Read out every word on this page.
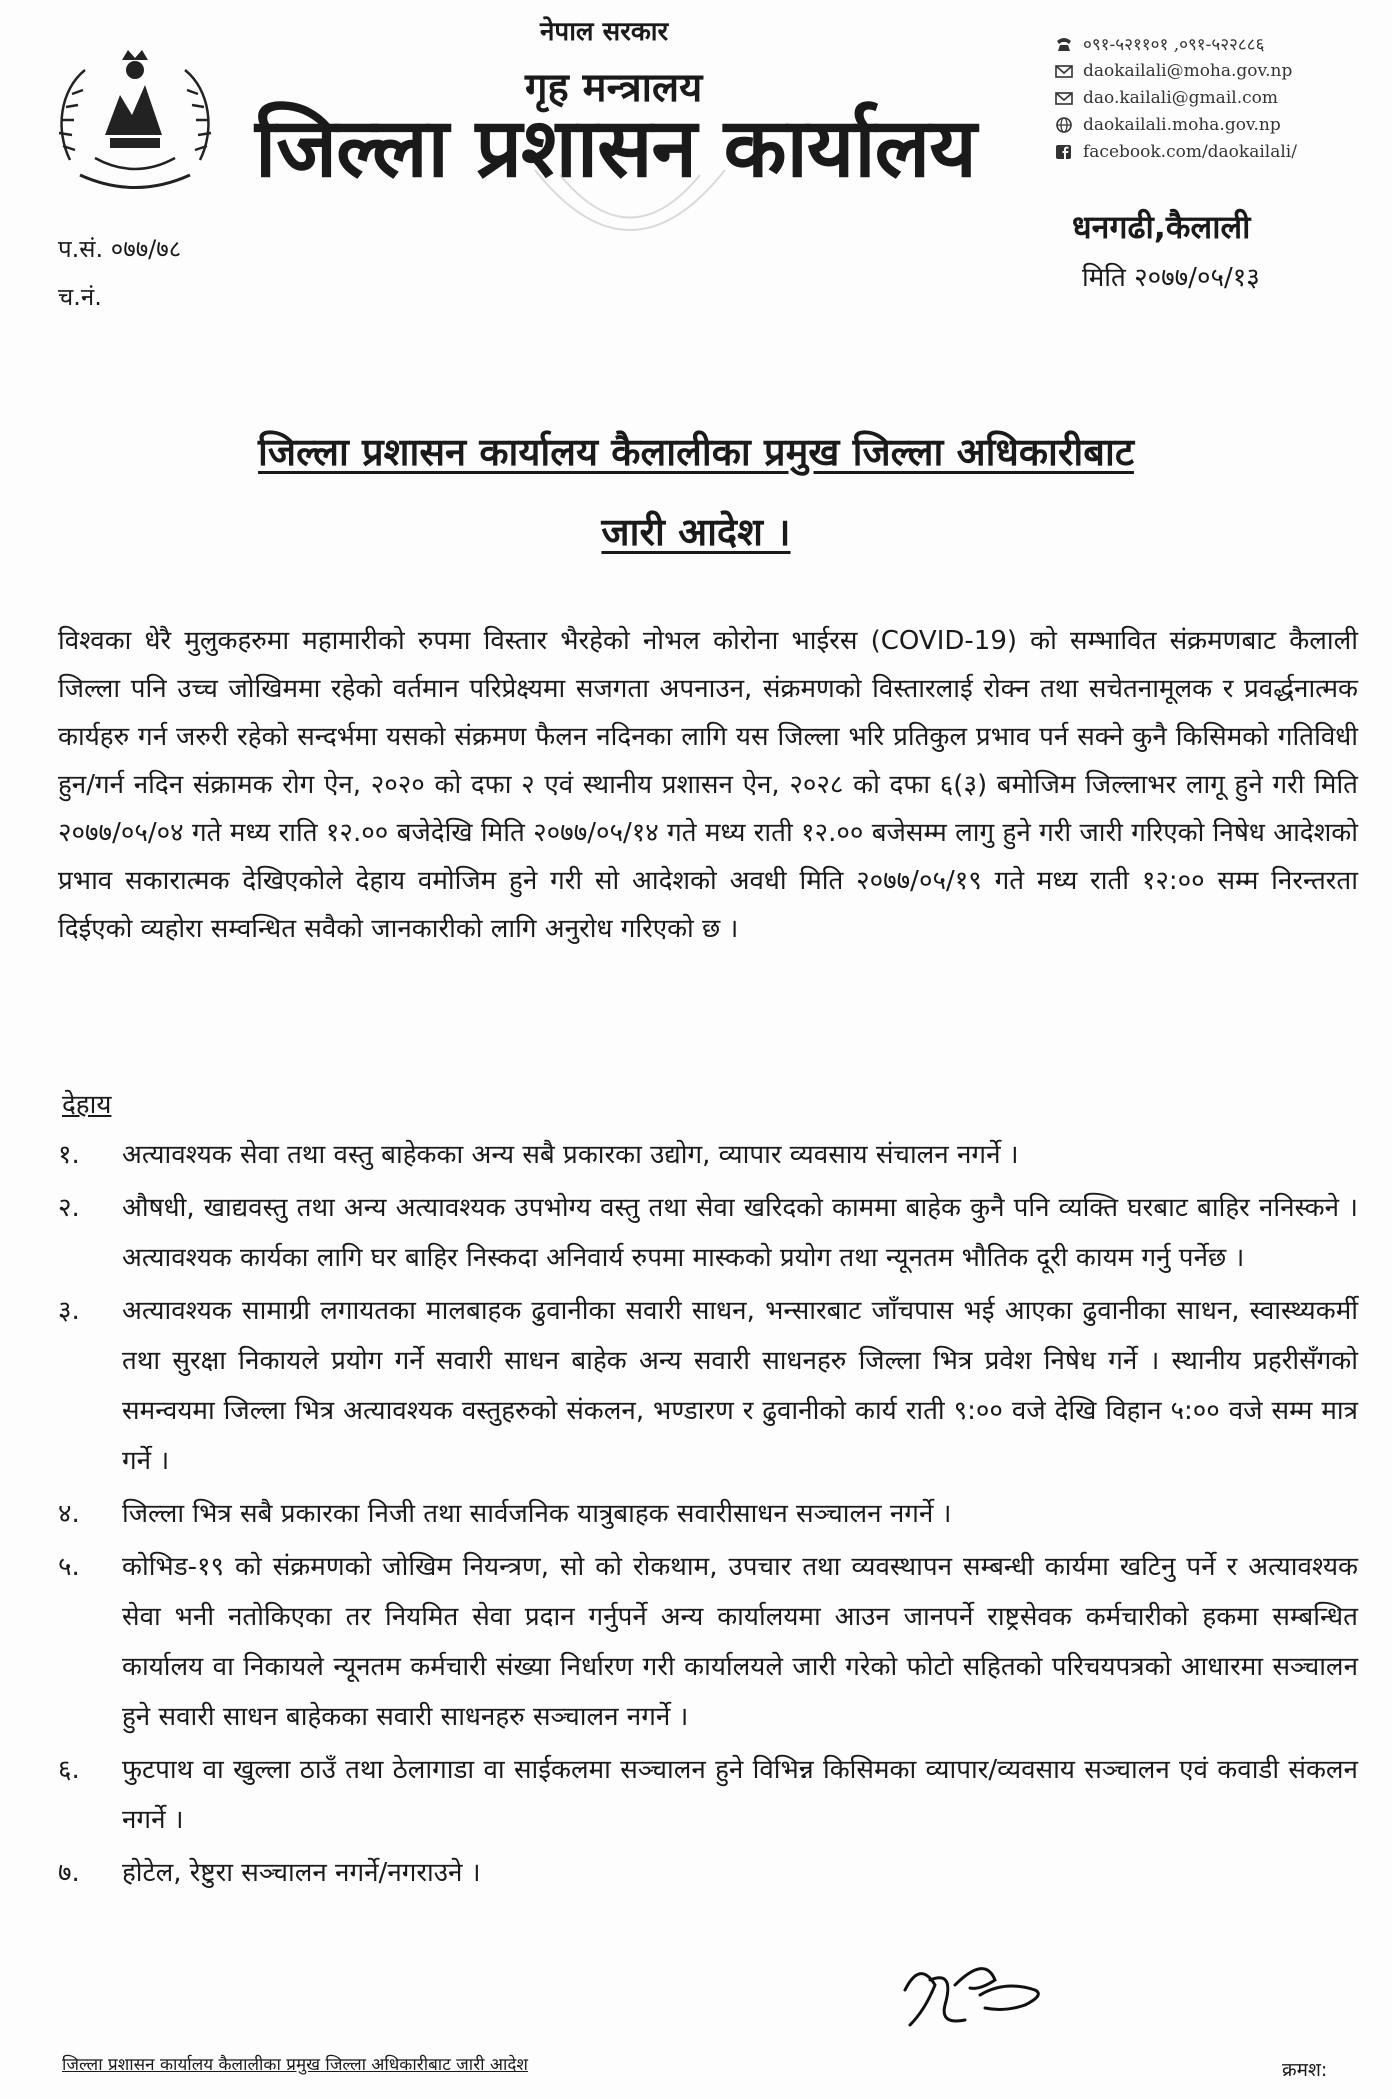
नेपाल सरकार
गृह मन्त्रालय
जिल्ला प्रशासन कार्यालय
०९१-५२११०१ ,०९१-५२२८८६
daokailali@moha.gov.np
dao.kailali@gmail.com
daokailali.moha.gov.np
facebook.com/daokailali/
प.सं. ०७७/७८
च.नं.
धनगढी,कैलाली
मिति २०७७/०५/१३
जिल्ला प्रशासन कार्यालय कैलालीका प्रमुख जिल्ला अधिकारीबाट
जारी आदेश ।
विश्वका धेरै मुलुकहरुमा महामारीको रुपमा विस्तार भैरहेको नोभल कोरोना भाईरस (COVID-19) को सम्भावित संक्रमणबाट कैलाली जिल्ला पनि उच्च जोखिममा रहेको वर्तमान परिप्रेक्ष्यमा सजगता अपनाउन, संक्रमणको विस्तारलाई रोक्न तथा सचेतनामूलक र प्रवर्द्धनात्मक कार्यहरु गर्न जरुरी रहेको सन्दर्भमा यसको संक्रमण फैलन नदिनका लागि यस जिल्ला भरि प्रतिकुल प्रभाव पर्न सक्ने कुनै किसिमको गतिविधी हुन/गर्न नदिन संक्रामक रोग ऐन, २०२० को दफा २ एवं स्थानीय प्रशासन ऐन, २०२८ को दफा ६(३) बमोजिम जिल्लाभर लागू हुने गरी मिति २०७७/०५/०४ गते मध्य राति १२.०० बजेदेखि मिति २०७७/०५/१४ गते मध्य राती १२.०० बजेसम्म लागु हुने गरी जारी गरिएको निषेध आदेशको प्रभाव सकारात्मक देखिएकोले देहाय वमोजिम हुने गरी सो आदेशको अवधी मिति २०७७/०५/१९ गते मध्य राती १२:०० सम्म निरन्तरता दिईएको व्यहोरा सम्वन्धित सवैको जानकारीको लागि अनुरोध गरिएको छ ।
देहाय
१.	अत्यावश्यक सेवा तथा वस्तु बाहेकका अन्य सबै प्रकारका उद्योग, व्यापार व्यवसाय संचालन नगर्ने ।
२.	औषधी, खाद्यवस्तु तथा अन्य अत्यावश्यक उपभोग्य वस्तु तथा सेवा खरिदको काममा बाहेक कुनै पनि व्यक्ति घरबाट बाहिर ननिस्कने । अत्यावश्यक कार्यका लागि घर बाहिर निस्कदा अनिवार्य रुपमा मास्कको प्रयोग तथा न्यूनतम भौतिक दूरी कायम गर्नु पर्नेछ ।
३.	अत्यावश्यक सामाग्री लगायतका मालबाहक ढुवानीका सवारी साधन, भन्सारबाट जाँचपास भई आएका ढुवानीका साधन, स्वास्थ्यकर्मी तथा सुरक्षा निकायले प्रयोग गर्ने सवारी साधन बाहेक अन्य सवारी साधनहरु जिल्ला भित्र प्रवेश निषेध गर्ने । स्थानीय प्रहरीसँगको समन्वयमा जिल्ला भित्र अत्यावश्यक वस्तुहरुको संकलन, भण्डारण र ढुवानीको कार्य राती ९:०० वजे देखि विहान ५:०० वजे सम्म मात्र गर्ने ।
४.	जिल्ला भित्र सबै प्रकारका निजी तथा सार्वजनिक यात्रुबाहक सवारीसाधन सञ्चालन नगर्ने ।
५.	कोभिड-१९ को संक्रमणको जोखिम नियन्त्रण, सो को रोकथाम, उपचार तथा व्यवस्थापन सम्बन्धी कार्यमा खटिनु पर्ने र अत्यावश्यक सेवा भनी नतोकिएका तर नियमित सेवा प्रदान गर्नुपर्ने अन्य कार्यालयमा आउन जानपर्ने राष्ट्रसेवक कर्मचारीको हकमा सम्बन्धित कार्यालय वा निकायले न्यूनतम कर्मचारी संख्या निर्धारण गरी कार्यालयले जारी गरेको फोटो सहितको परिचयपत्रको आधारमा सञ्चालन हुने सवारी साधन बाहेकका सवारी साधनहरु सञ्चालन नगर्ने ।
६.	फुटपाथ वा खुल्ला ठाउँ तथा ठेलागाडा वा साईकलमा सञ्चालन हुने विभिन्न किसिमका व्यापार/व्यवसाय सञ्चालन एवं कवाडी संकलन नगर्ने ।
७.	होटेल, रेष्टुरा सञ्चालन नगर्ने/नगराउने ।
जिल्ला प्रशासन कार्यालय कैलालीका प्रमुख जिल्ला अधिकारीबाट जारी आदेश	क्रमश:
